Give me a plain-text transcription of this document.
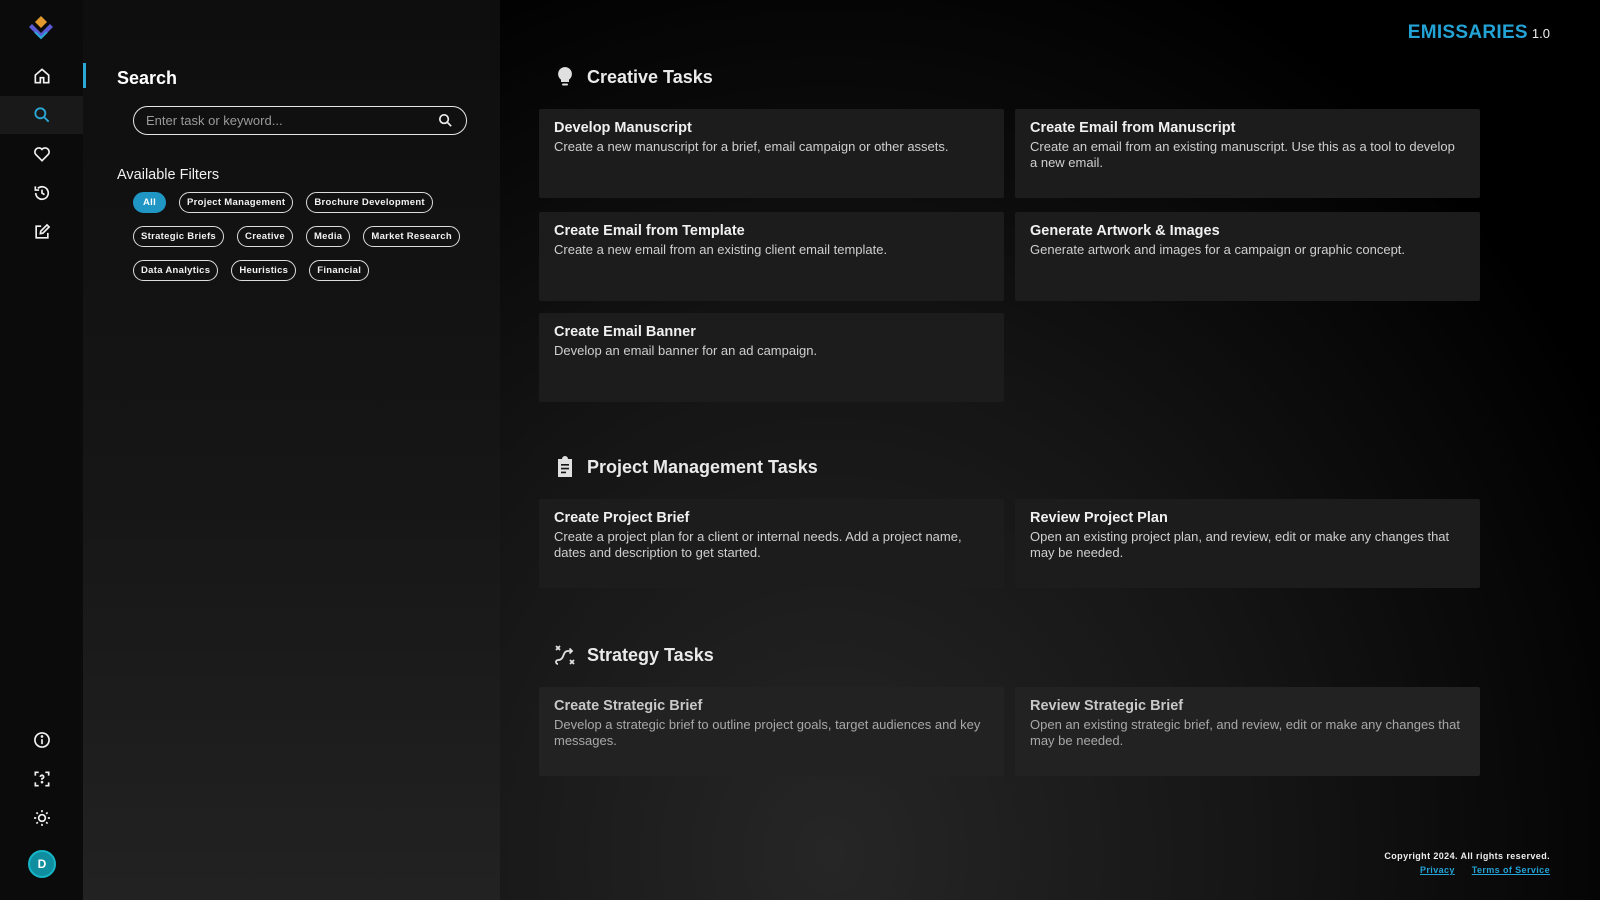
D
Search
Enter task or keyword...
Available Filters
All	Project Management	Brochure Development
Strategic Briefs	Creative	Media	Market Research
Data Analytics	Heuristics	Financial
EMISSARIES 1.0
Creative Tasks
Develop Manuscript
Create a new manuscript for a brief, email campaign or other assets.
Create Email from Manuscript
Create an email from an existing manuscript. Use this as a tool to develop a new email.
Create Email from Template
Create a new email from an existing client email template.
Generate Artwork & Images
Generate artwork and images for a campaign or graphic concept.
Create Email Banner
Develop an email banner for an ad campaign.
Project Management Tasks
Create Project Brief
Create a project plan for a client or internal needs. Add a project name, dates and description to get started.
Review Project Plan
Open an existing project plan, and review, edit or make any changes that may be needed.
Strategy Tasks
Create Strategic Brief
Develop a strategic brief to outline project goals, target audiences and key messages.
Review Strategic Brief
Open an existing strategic brief, and review, edit or make any changes that may be needed.
Copyright 2024. All rights reserved.
Privacy Terms of Service
